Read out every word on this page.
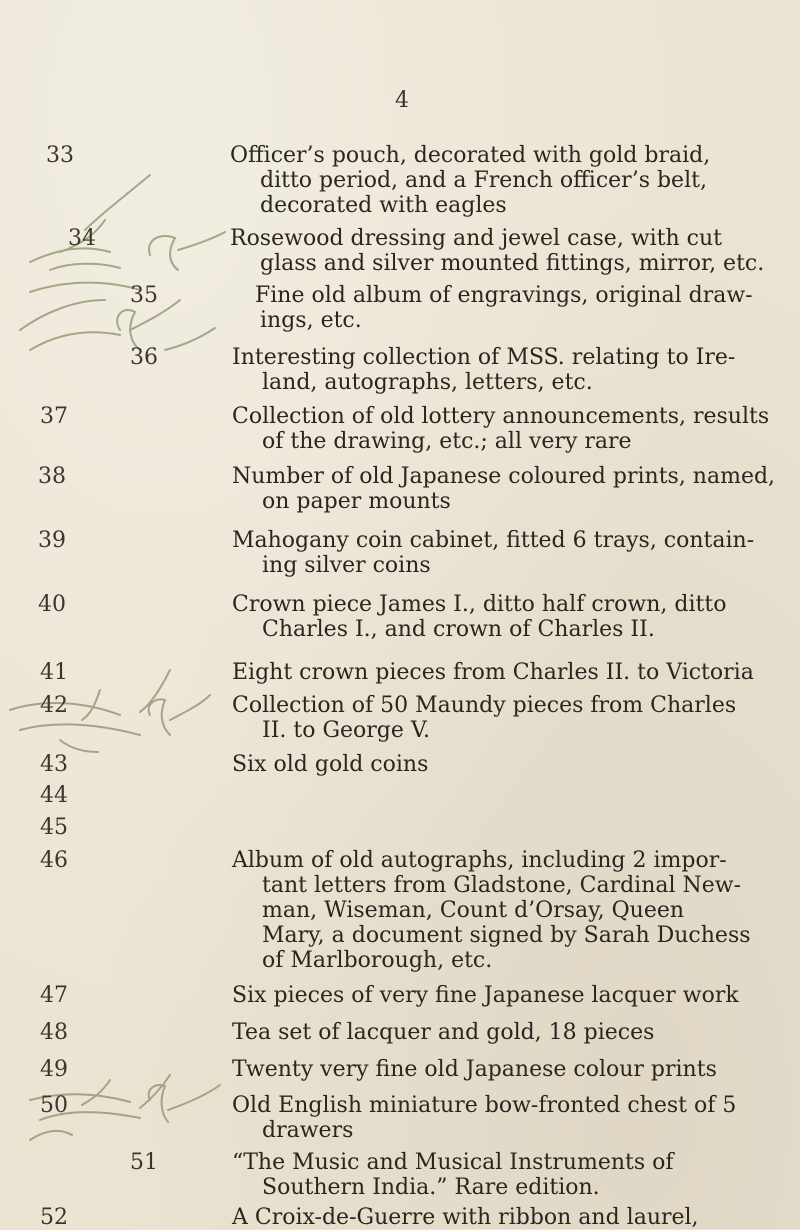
4
33	Officer’s pouch, decorated with gold braid,
ditto period, and a French officer’s belt,
decorated with eagles
34	Rosewood dressing and jewel case, with cut
glass and silver mounted fittings, mirror, etc.
35	Fine old album of engravings, original draw-
ings, etc.
36	Interesting collection of MSS. relating to Ire-
land, autographs, letters, etc.
37	Collection of old lottery announcements, results
of the drawing, etc.; all very rare
38	Number of old Japanese coloured prints, named,
on paper mounts
39	Mahogany coin cabinet, fitted 6 trays, contain-
ing silver coins
40	Crown piece James I., ditto half crown, ditto
Charles I., and crown of Charles II.
41	Eight crown pieces from Charles II. to Victoria
42	Collection of 50 Maundy pieces from Charles
II. to George V.
43	Six old gold coins
44
45
46	Album of old autographs, including 2 impor-
tant letters from Gladstone, Cardinal New-
man, Wiseman, Count d’Orsay, Queen
Mary, a document signed by Sarah Duchess
of Marlborough, etc.
47	Six pieces of very fine Japanese lacquer work
48	Tea set of lacquer and gold, 18 pieces
49	Twenty very fine old Japanese colour prints
50	Old English miniature bow-fronted chest of 5
drawers
51	“The Music and Musical Instruments of
Southern India.” Rare edition.
52	A Croix-de-Guerre with ribbon and laurel,
